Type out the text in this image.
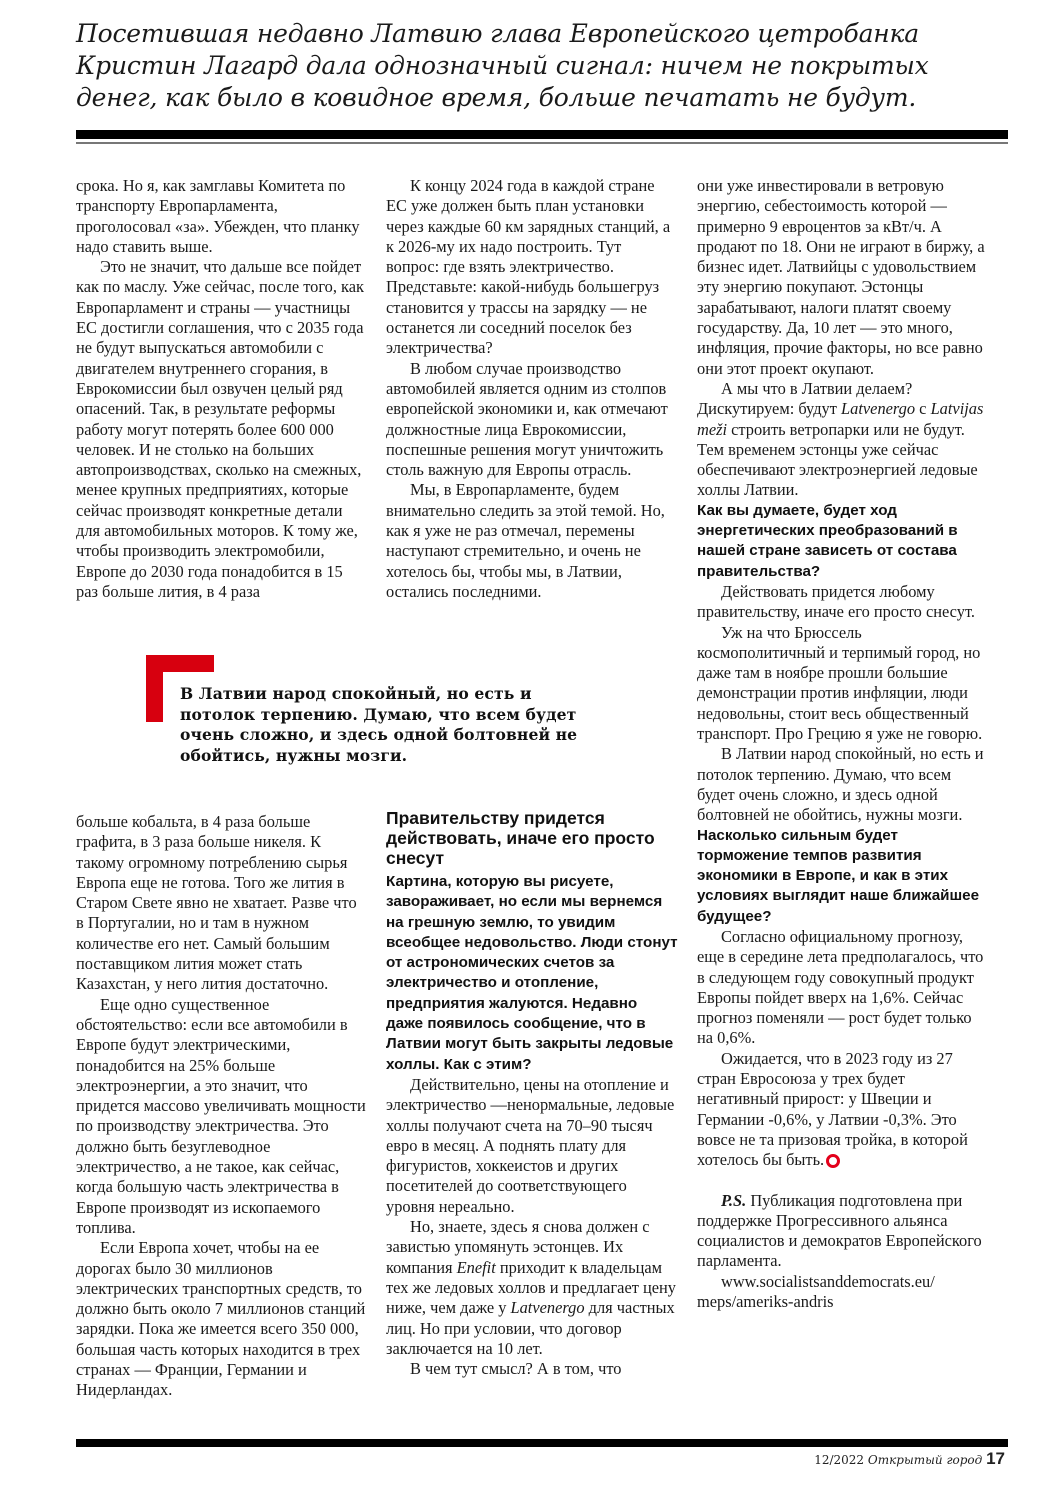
Посетившая недавно Латвию глава Европейского цетробанка Кристин Лагард дала однозначный сигнал: ничем не покрытых денег, как было в ковидное время, больше печатать не будут.

срока. Но я, как замглавы Комитета по транспорту Европарламента, проголосовал «за». Убежден, что планку надо ставить выше.

Это не значит, что дальше все пойдет как по маслу. Уже сейчас, после того, как Европарламент и страны — участницы ЕС достигли соглашения, что с 2035 года не будут выпускаться автомобили с двигателем внутреннего сгорания, в Еврокомиссии был озвучен целый ряд опасений. Так, в результате реформы работу могут потерять более 600 000 человек. И не столько на больших автопроизводствах, сколько на смежных, менее крупных предприятиях, которые сейчас производят конкретные детали для автомобильных моторов. К тому же, чтобы производить электромобили, Европе до 2030 года понадобится в 15 раз больше лития, в 4 раза

К концу 2024 года в каждой стране ЕС уже должен быть план установки через каждые 60 км зарядных станций, а к 2026-му их надо построить. Тут вопрос: где взять электричество. Представьте: какой-нибудь большегруз становится у трассы на зарядку — не останется ли соседний поселок без электричества?

В любом случае производство автомобилей является одним из столпов европейской экономики и, как отмечают должностные лица Еврокомиссии, поспешные решения могут уничтожить столь важную для Европы отрасль.

Мы, в Европарламенте, будем внимательно следить за этой темой. Но, как я уже не раз отмечал, перемены наступают стремительно, и очень не хотелось бы, чтобы мы, в Латвии, остались последними.

В Латвии народ спокойный, но есть и потолок терпению. Думаю, что всем будет очень сложно, и здесь одной болтовней не обойтись, нужны мозги.

больше кобальта, в 4 раза больше графита, в 3 раза больше никеля. К такому огромному потреблению сырья Европа еще не готова. Того же лития в Старом Свете явно не хватает. Разве что в Португалии, но и там в нужном количестве его нет. Самый большим поставщиком лития может стать Казахстан, у него лития достаточно.

Еще одно существенное обстоятельство: если все автомобили в Европе будут электрическими, понадобится на 25% больше электроэнергии, а это значит, что придется массово увеличивать мощности по производству электричества. Это должно быть безуглеводное электричество, а не такое, как сейчас, когда большую часть электричества в Европе производят из ископаемого топлива.

Если Европа хочет, чтобы на ее дорогах было 30 миллионов электрических транспортных средств, то должно быть около 7 миллионов станций зарядки. Пока же имеется всего 350 000, большая часть которых находится в трех странах — Франции, Германии и Нидерландах.

Правительству придется действовать, иначе его просто снесут

Картина, которую вы рисуете, завораживает, но если мы вернемся на грешную землю, то увидим всеобщее недовольство. Люди стонут от астрономических счетов за электричество и отопление, предприятия жалуются. Недавно даже появилось сообщение, что в Латвии могут быть закрыты ледовые холлы. Как с этим?

Действительно, цены на отопление и электричество —ненормальные, ледовые холлы получают счета на 70–90 тысяч евро в месяц. А поднять плату для фигуристов, хоккеистов и других посетителей до соответствующего уровня нереально.

Но, знаете, здесь я снова должен с завистью упомянуть эстонцев. Их компания Enefit приходит к владельцам тех же ледовых холлов и предлагает цену ниже, чем даже у Latvenergo для частных лиц. Но при условии, что договор заключается на 10 лет.

В чем тут смысл? А в том, что

они уже инвестировали в ветровую энергию, себестоимость которой — примерно 9 евроцентов за кВт/ч. А продают по 18. Они не играют в биржу, а бизнес идет. Латвийцы с удовольствием эту энергию покупают. Эстонцы зарабатывают, налоги платят своему государству. Да, 10 лет — это много, инфляция, прочие факторы, но все равно они этот проект окупают.

А мы что в Латвии делаем? Дискутируем: будут Latvenergo с Latvijas meži строить ветропарки или не будут. Тем временем эстонцы уже сейчас обеспечивают электроэнергией ледовые холлы Латвии.

Как вы думаете, будет ход энергетических преобразований в нашей стране зависеть от состава правительства?

Действовать придется любому правительству, иначе его просто снесут.

Уж на что Брюссель космополитичный и терпимый город, но даже там в ноябре прошли большие демонстрации против инфляции, люди недовольны, стоит весь общественный транспорт. Про Грецию я уже не говорю.

В Латвии народ спокойный, но есть и потолок терпению. Думаю, что всем будет очень сложно, и здесь одной болтовней не обойтись, нужны мозги.

Насколько сильным будет торможение темпов развития экономики в Европе, и как в этих условиях выглядит наше ближайшее будущее?

Согласно официальному прогнозу, еще в середине лета предполагалось, что в следующем году совокупный продукт Европы пойдет вверх на 1,6%. Сейчас прогноз поменяли — рост будет только на 0,6%.

Ожидается, что в 2023 году из 27 стран Евросоюза у трех будет негативный прирост: у Швеции и Германии -0,6%, у Латвии -0,3%. Это вовсе не та призовая тройка, в которой хотелось бы быть.

P.S. Публикация подготовлена при поддержке Прогрессивного альянса социалистов и демократов Европейского парламента.

www.socialistsanddemocrats.eu/ meps/ameriks-andris

12/2022 Открытый город 17
